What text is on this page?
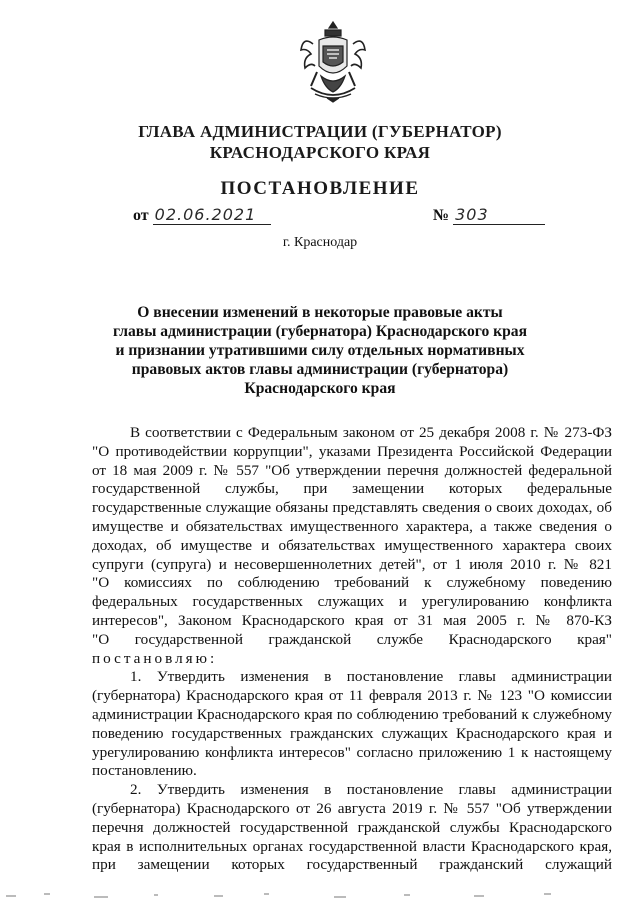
ГЛАВА АДМИНИСТРАЦИИ (ГУБЕРНАТОР)
КРАСНОДАРСКОГО КРАЯ
ПОСТАНОВЛЕНИЕ
от 02.06.2021	№ 303
г. Краснодар
О внесении изменений в некоторые правовые акты
главы администрации (губернатора) Краснодарского края
и признании утратившими силу отдельных нормативных
правовых актов главы администрации (губернатора)
Краснодарского края
В соответствии с Федеральным законом от 25 декабря 2008 г. № 273-ФЗ
"О противодействии коррупции", указами Президента Российской Федерации
от 18 мая 2009 г. № 557 "Об утверждении перечня должностей федеральной
государственной службы, при замещении которых федеральные
государственные служащие обязаны представлять сведения о своих доходах, об
имуществе и обязательствах имущественного характера, а также сведения о
доходах, об имуществе и обязательствах имущественного характера своих
супруги (супруга) и несовершеннолетних детей", от 1 июля 2010 г. № 821
"О комиссиях по соблюдению требований к служебному поведению
федеральных государственных служащих и урегулированию конфликта
интересов", Законом Краснодарского края от 31 мая 2005 г. № 870-КЗ
"О государственной гражданской службе Краснодарского края"
постановляю:
1. Утвердить изменения в постановление главы администрации
(губернатора) Краснодарского края от 11 февраля 2013 г. № 123 "О комиссии
администрации Краснодарского края по соблюдению требований к служебному
поведению государственных гражданских служащих Краснодарского края и
урегулированию конфликта интересов" согласно приложению 1 к настоящему
постановлению.
2. Утвердить изменения в постановление главы администрации
(губернатора) Краснодарского от 26 августа 2019 г. № 557 "Об утверждении
перечня должностей государственной гражданской службы Краснодарского
края в исполнительных органах государственной власти Краснодарского края,
при замещении которых государственный гражданский служащий
